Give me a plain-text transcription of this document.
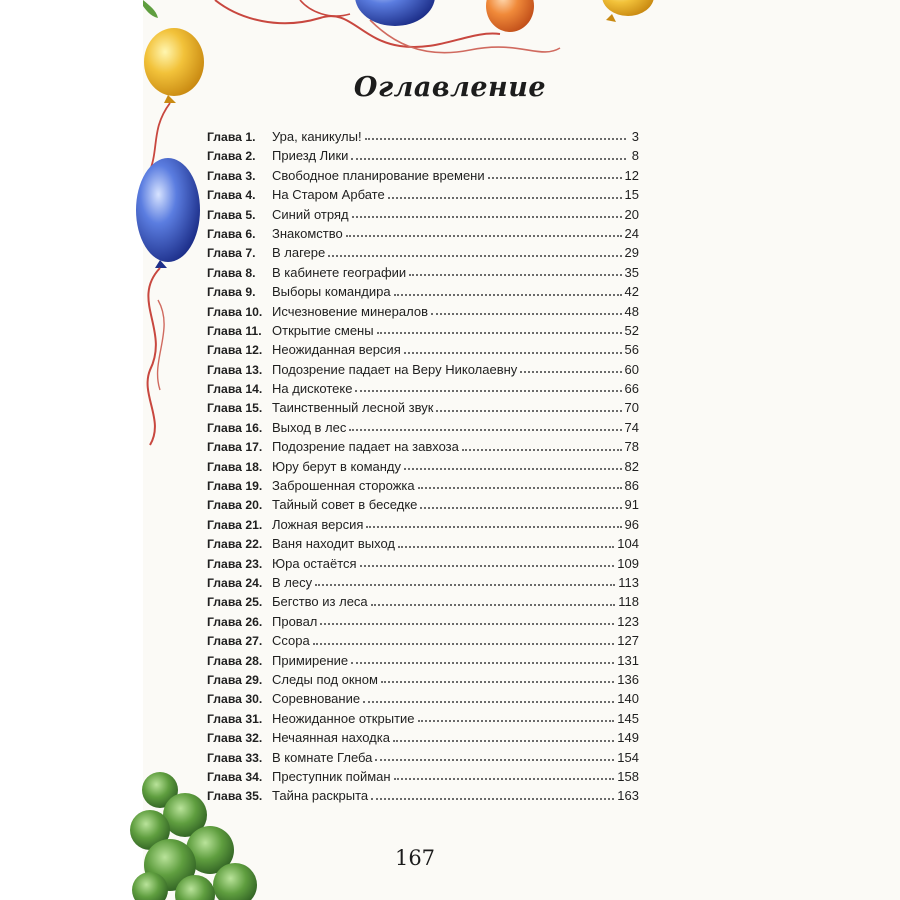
Оглавление
Глава 1.	Ура, каникулы!	3
Глава 2.	Приезд Лики	8
Глава 3.	Свободное планирование времени	12
Глава 4.	На Старом Арбате	15
Глава 5.	Синий отряд	20
Глава 6.	Знакомство	24
Глава 7.	В лагере	29
Глава 8.	В кабинете географии	35
Глава 9.	Выборы командира	42
Глава 10. Исчезновение минералов	48
Глава 11. Открытие смены	52
Глава 12. Неожиданная версия	56
Глава 13. Подозрение падает на Веру Николаевну	60
Глава 14. На дискотеке	66
Глава 15. Таинственный лесной звук	70
Глава 16. Выход в лес	74
Глава 17. Подозрение падает на завхоза	78
Глава 18. Юру берут в команду	82
Глава 19. Заброшенная сторожка	86
Глава 20. Тайный совет в беседке	91
Глава 21. Ложная версия	96
Глава 22. Ваня находит выход	104
Глава 23. Юра остаётся	109
Глава 24. В лесу	113
Глава 25. Бегство из леса	118
Глава 26. Провал	123
Глава 27. Ссора	127
Глава 28. Примирение	131
Глава 29. Следы под окном	136
Глава 30. Соревнование	140
Глава 31. Неожиданное открытие	145
Глава 32. Нечаянная находка	149
Глава 33. В комнате Глеба	154
Глава 34. Преступник пойман	158
Глава 35. Тайна раскрыта	163
167
